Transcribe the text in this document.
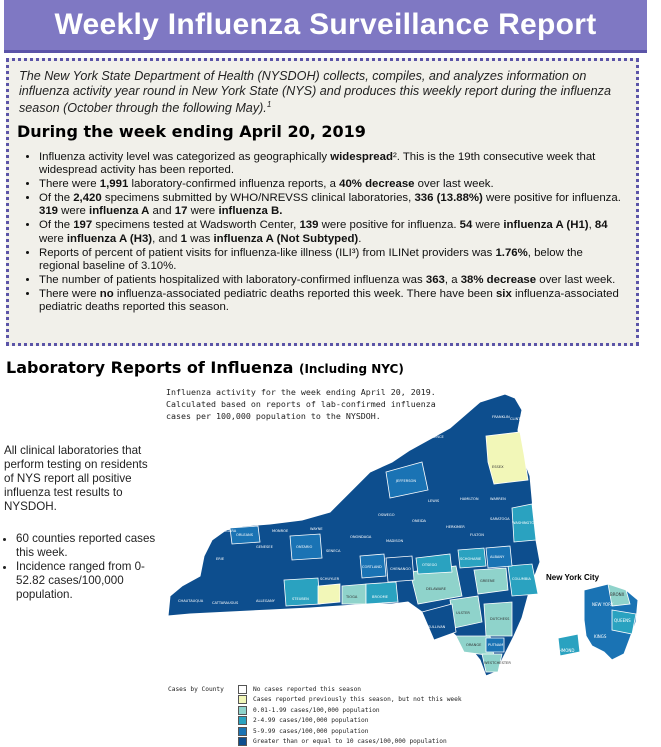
Weekly Influenza Surveillance Report

The New York State Department of Health (NYSDOH) collects, compiles, and analyzes information on influenza activity year round in New York State (NYS) and produces this weekly report during the influenza season (October through the following May).$^1$

During the week ending April 20, 2019
• Influenza activity level was categorized as geographically widespread². This is the 19th consecutive week that widespread activity has been reported.
• There were 1,991 laboratory-confirmed influenza reports, a 40% decrease over last week.
• Of the 2,420 specimens submitted by WHO/NREVSS clinical laboratories, 336 (13.88%) were positive for influenza. 319 were influenza A and 17 were influenza B.
• Of the 197 specimens tested at Wadsworth Center, 139 were positive for influenza. 54 were influenza A (H1), 84 were influenza A (H3), and 1 was influenza A (Not Subtyped).
• Reports of percent of patient visits for influenza-like illness (ILI³) from ILINet providers was 1.76%, below the regional baseline of 3.10%.
• The number of patients hospitalized with laboratory-confirmed influenza was 363, a 38% decrease over last week.
• There were no influenza-associated pediatric deaths reported this week. There have been six influenza-associated pediatric deaths reported this season.
Laboratory Reports of Influenza (Including NYC)
All clinical laboratories that perform testing on residents of NYS report all positive influenza test results to NYSDOH.
• 60 counties reported cases this week.
• Incidence ranged from 0-52.82 cases/100,000 population.
Influenza activity for the week ending April 20, 2019.
Calculated based on reports of lab-confirmed influenza
cases per 100,000 population to the NYSDOH.	FRANKLIN
ST LAWRENCE
ESSEX
CLINTON
JEFFERSON
HAMILTON	WARREN
LEWIS
HERKIMER
FULTON
OSWEGO
ONEIDA	WASHINGTON
SARATOGA
NIAGARA
ORLEANS
MONROE	WAYNE
ONONDAGA
MADISON
ERIE
GENESEE	ONTARIO
SENECA
CORTLAND CHENANGO
OTSEGO
SCHOHARIE ALBANY
CHAUTAUQUA CATTARAUGUS	ALLEGANY	STEUBEN
SCHUYLER
TIOGA	BROOME
DELAWARE
GREENE	COLUMBIA
ULSTER
DUTCHESS
SULLIVAN
ORANGE PUTNAM
WESTCHESTER
New York City
BRONX
NEW YORK
QUEENS
KINGS
RICHMOND
Cases by County	No cases reported this season
Cases reported previously this season, but not this week
0.01-1.99 cases/100,000 population
2-4.99 cases/100,000 population
5-9.99 cases/100,000 population
Greater than or equal to 10 cases/100,000 population
